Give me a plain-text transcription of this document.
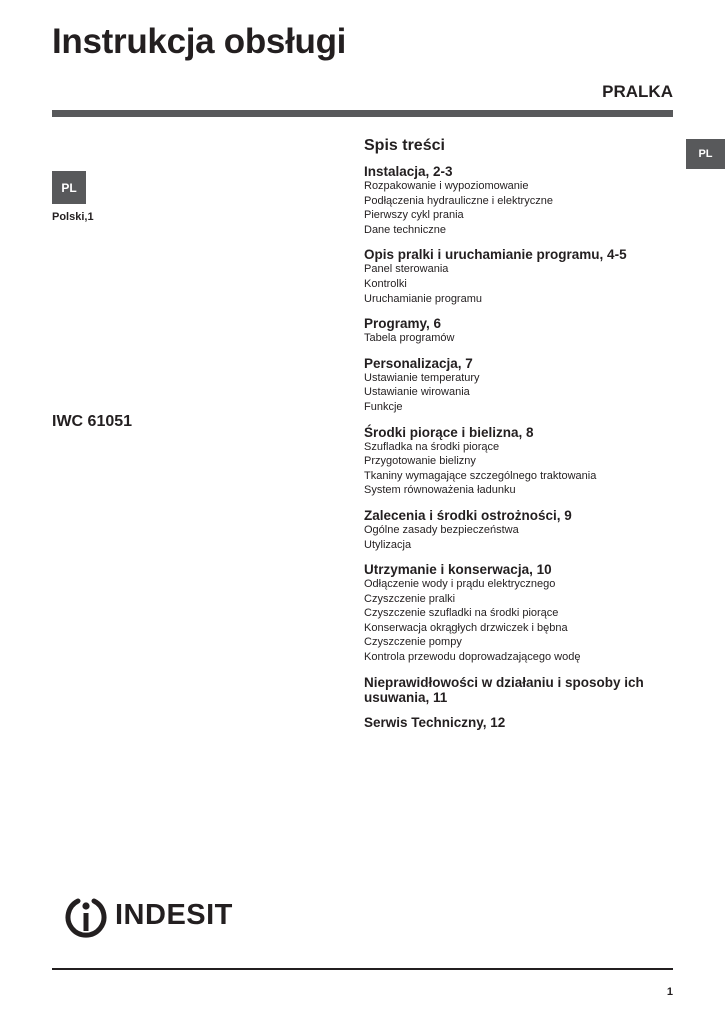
Instrukcja obsługi
PRALKA
PL
PL
Polski,1
IWC 61051
Spis treści
Instalacja, 2-3
Rozpakowanie i wypoziomowanie
Podłączenia hydrauliczne i elektryczne
Pierwszy cykl prania
Dane techniczne
Opis pralki i uruchamianie programu, 4-5
Panel sterowania
Kontrolki
Uruchamianie programu
Programy, 6
Tabela programów
Personalizacja, 7
Ustawianie temperatury
Ustawianie wirowania
Funkcje
Środki piorące i bielizna, 8
Szufladka na środki piorące
Przygotowanie bielizny
Tkaniny wymagające szczególnego traktowania
System równoważenia ładunku
Zalecenia i środki ostrożności, 9
Ogólne zasady bezpieczeństwa
Utylizacja
Utrzymanie i konserwacja, 10
Odłączenie wody i prądu elektrycznego
Czyszczenie pralki
Czyszczenie szufladki na środki piorące
Konserwacja okrągłych drzwiczek i bębna
Czyszczenie pompy
Kontrola przewodu doprowadzającego wodę
Nieprawidłowości w działaniu i sposoby ich usuwania, 11
Serwis Techniczny, 12
INDESIT
1
